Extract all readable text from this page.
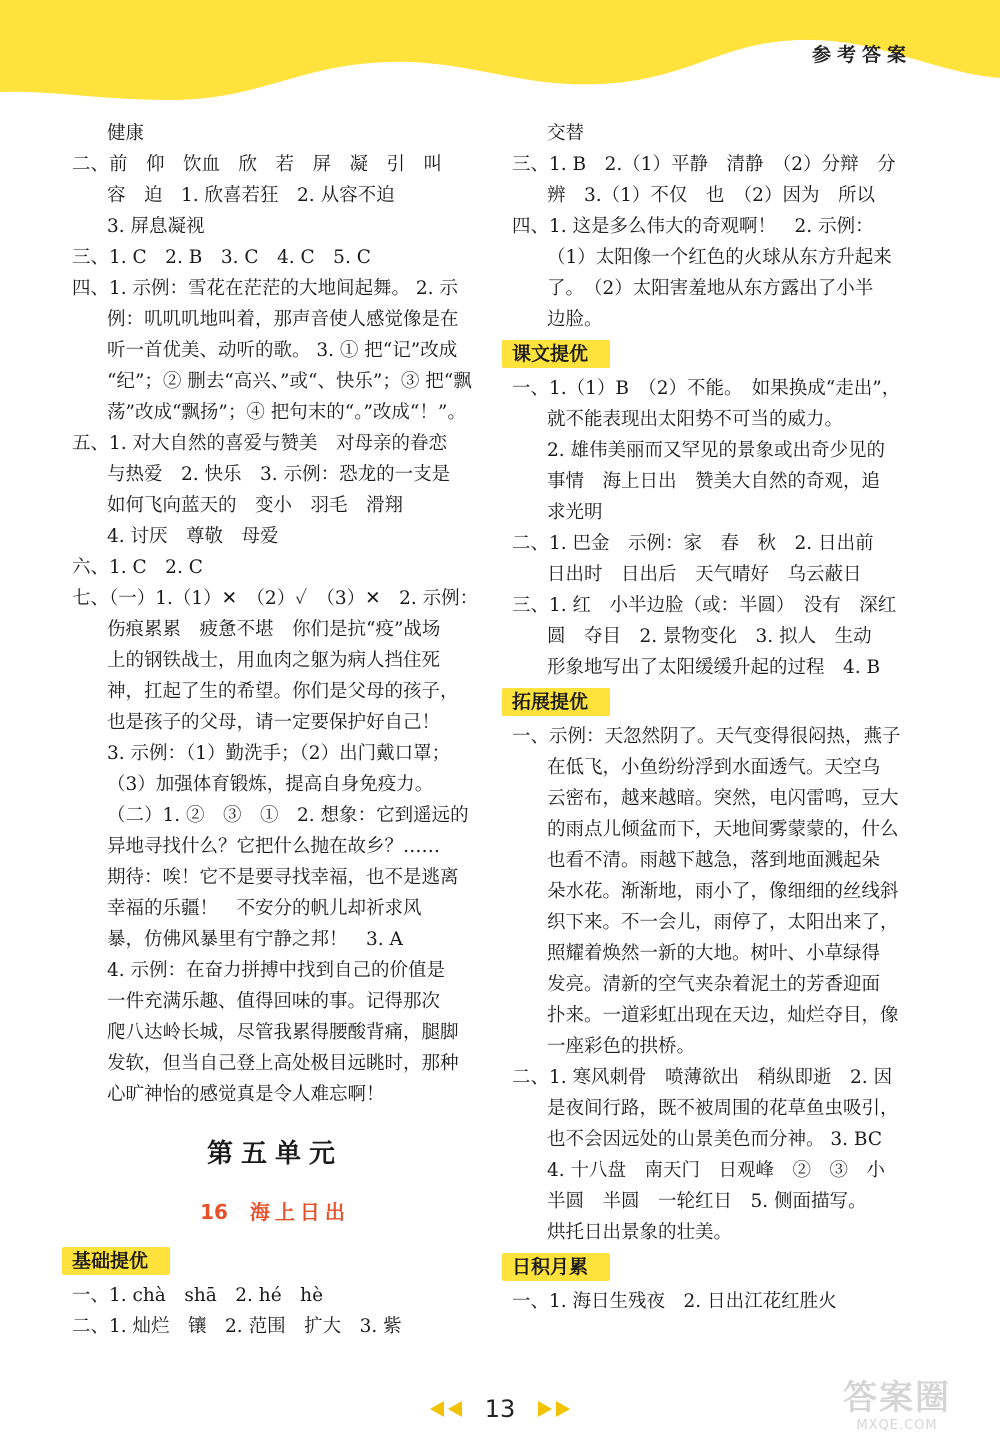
参考答案
健康
二、前　仰　饮血　欣　若　屏　凝　引　叫
容　迫　1. 欣喜若狂　2. 从容不迫
3. 屏息凝视
三、1. C　2. B　3. C　4. C　5. C
四、1. 示例：雪花在茫茫的大地间起舞。 2. 示
例：叽叽叽地叫着，那声音使人感觉像是在
听一首优美、动听的歌。 3. ① 把“记”改成
“纪”；② 删去“高兴、”或“、快乐”；③ 把“飘
荡”改成“飘扬”；④ 把句末的“。”改成“！”。
五、1. 对大自然的喜爱与赞美　对母亲的眷恋
与热爱　2. 快乐　3. 示例：恐龙的一支是
如何飞向蓝天的　变小　羽毛　滑翔
4. 讨厌　尊敬　母爱
六、1. C　2. C
七、（一）1.（1）✕　（2）✓　（3）✕　2. 示例：
伤痕累累　疲惫不堪　你们是抗“疫”战场
上的钢铁战士，用血肉之躯为病人挡住死
神，扛起了生的希望。你们是父母的孩子，
也是孩子的父母，请一定要保护好自己！
3. 示例：（1）勤洗手；（2）出门戴口罩；
（3）加强体育锻炼，提高自身免疫力。
（二）1. ②　③　①　2. 想象：它到遥远的
异地寻找什么？它把什么抛在故乡？……
期待：唉！它不是要寻找幸福，也不是逃离
幸福的乐疆！　不安分的帆儿却祈求风
暴，仿佛风暴里有宁静之邦！　3. A
4. 示例：在奋力拼搏中找到自己的价值是
一件充满乐趣、值得回味的事。记得那次
爬八达岭长城，尽管我累得腰酸背痛，腿脚
发软，但当自己登上高处极目远眺时，那种
心旷神怡的感觉真是令人难忘啊！
第五单元
16 海上日出
基础提优
一、1. chà　shā　2. hé　hè
二、1. 灿烂　镶　2. 范围　扩大　3. 紫
交替
三、1. B　2.（1）平静　清静　（2）分辩　分
辨　3.（1）不仅　也　（2）因为　所以
四、1. 这是多么伟大的奇观啊！　2. 示例：
（1）太阳像一个红色的火球从东方升起来
了。　（2）太阳害羞地从东方露出了小半
边脸。
课文提优
一、1.（1）B　（2）不能。　如果换成“走出”，
就不能表现出太阳势不可当的威力。
2. 雄伟美丽而又罕见的景象或出奇少见的
事情　海上日出　赞美大自然的奇观，追
求光明
二、1. 巴金　示例：家　春　秋　2. 日出前
日出时　日出后　天气晴好　乌云蔽日
三、1. 红　小半边脸（或：半圆）　没有　深红
圆　夺目　2. 景物变化　3. 拟人　生动
形象地写出了太阳缓缓升起的过程　4. B
拓展提优
一、示例：天忽然阴了。天气变得很闷热，燕子
在低飞，小鱼纷纷浮到水面透气。天空乌
云密布，越来越暗。突然，电闪雷鸣，豆大
的雨点儿倾盆而下，天地间雾蒙蒙的，什么
也看不清。雨越下越急，落到地面溅起朵
朵水花。渐渐地，雨小了，像细细的丝线斜
织下来。不一会儿，雨停了，太阳出来了，
照耀着焕然一新的大地。树叶、小草绿得
发亮。清新的空气夹杂着泥土的芳香迎面
扑来。一道彩虹出现在天边，灿烂夺目，像
一座彩色的拱桥。
二、1. 寒风刺骨　喷薄欲出　稍纵即逝　2. 因
是夜间行路，既不被周围的花草鱼虫吸引，
也不会因远处的山景美色而分神。 3. BC
4. 十八盘　南天门　日观峰　②　③　小
半圆　半圆　一轮红日　5. 侧面描写。
烘托日出景象的壮美。
日积月累
一、1. 海日生残夜　2. 日出江花红胜火
13	答案圈
MXQE.COM
